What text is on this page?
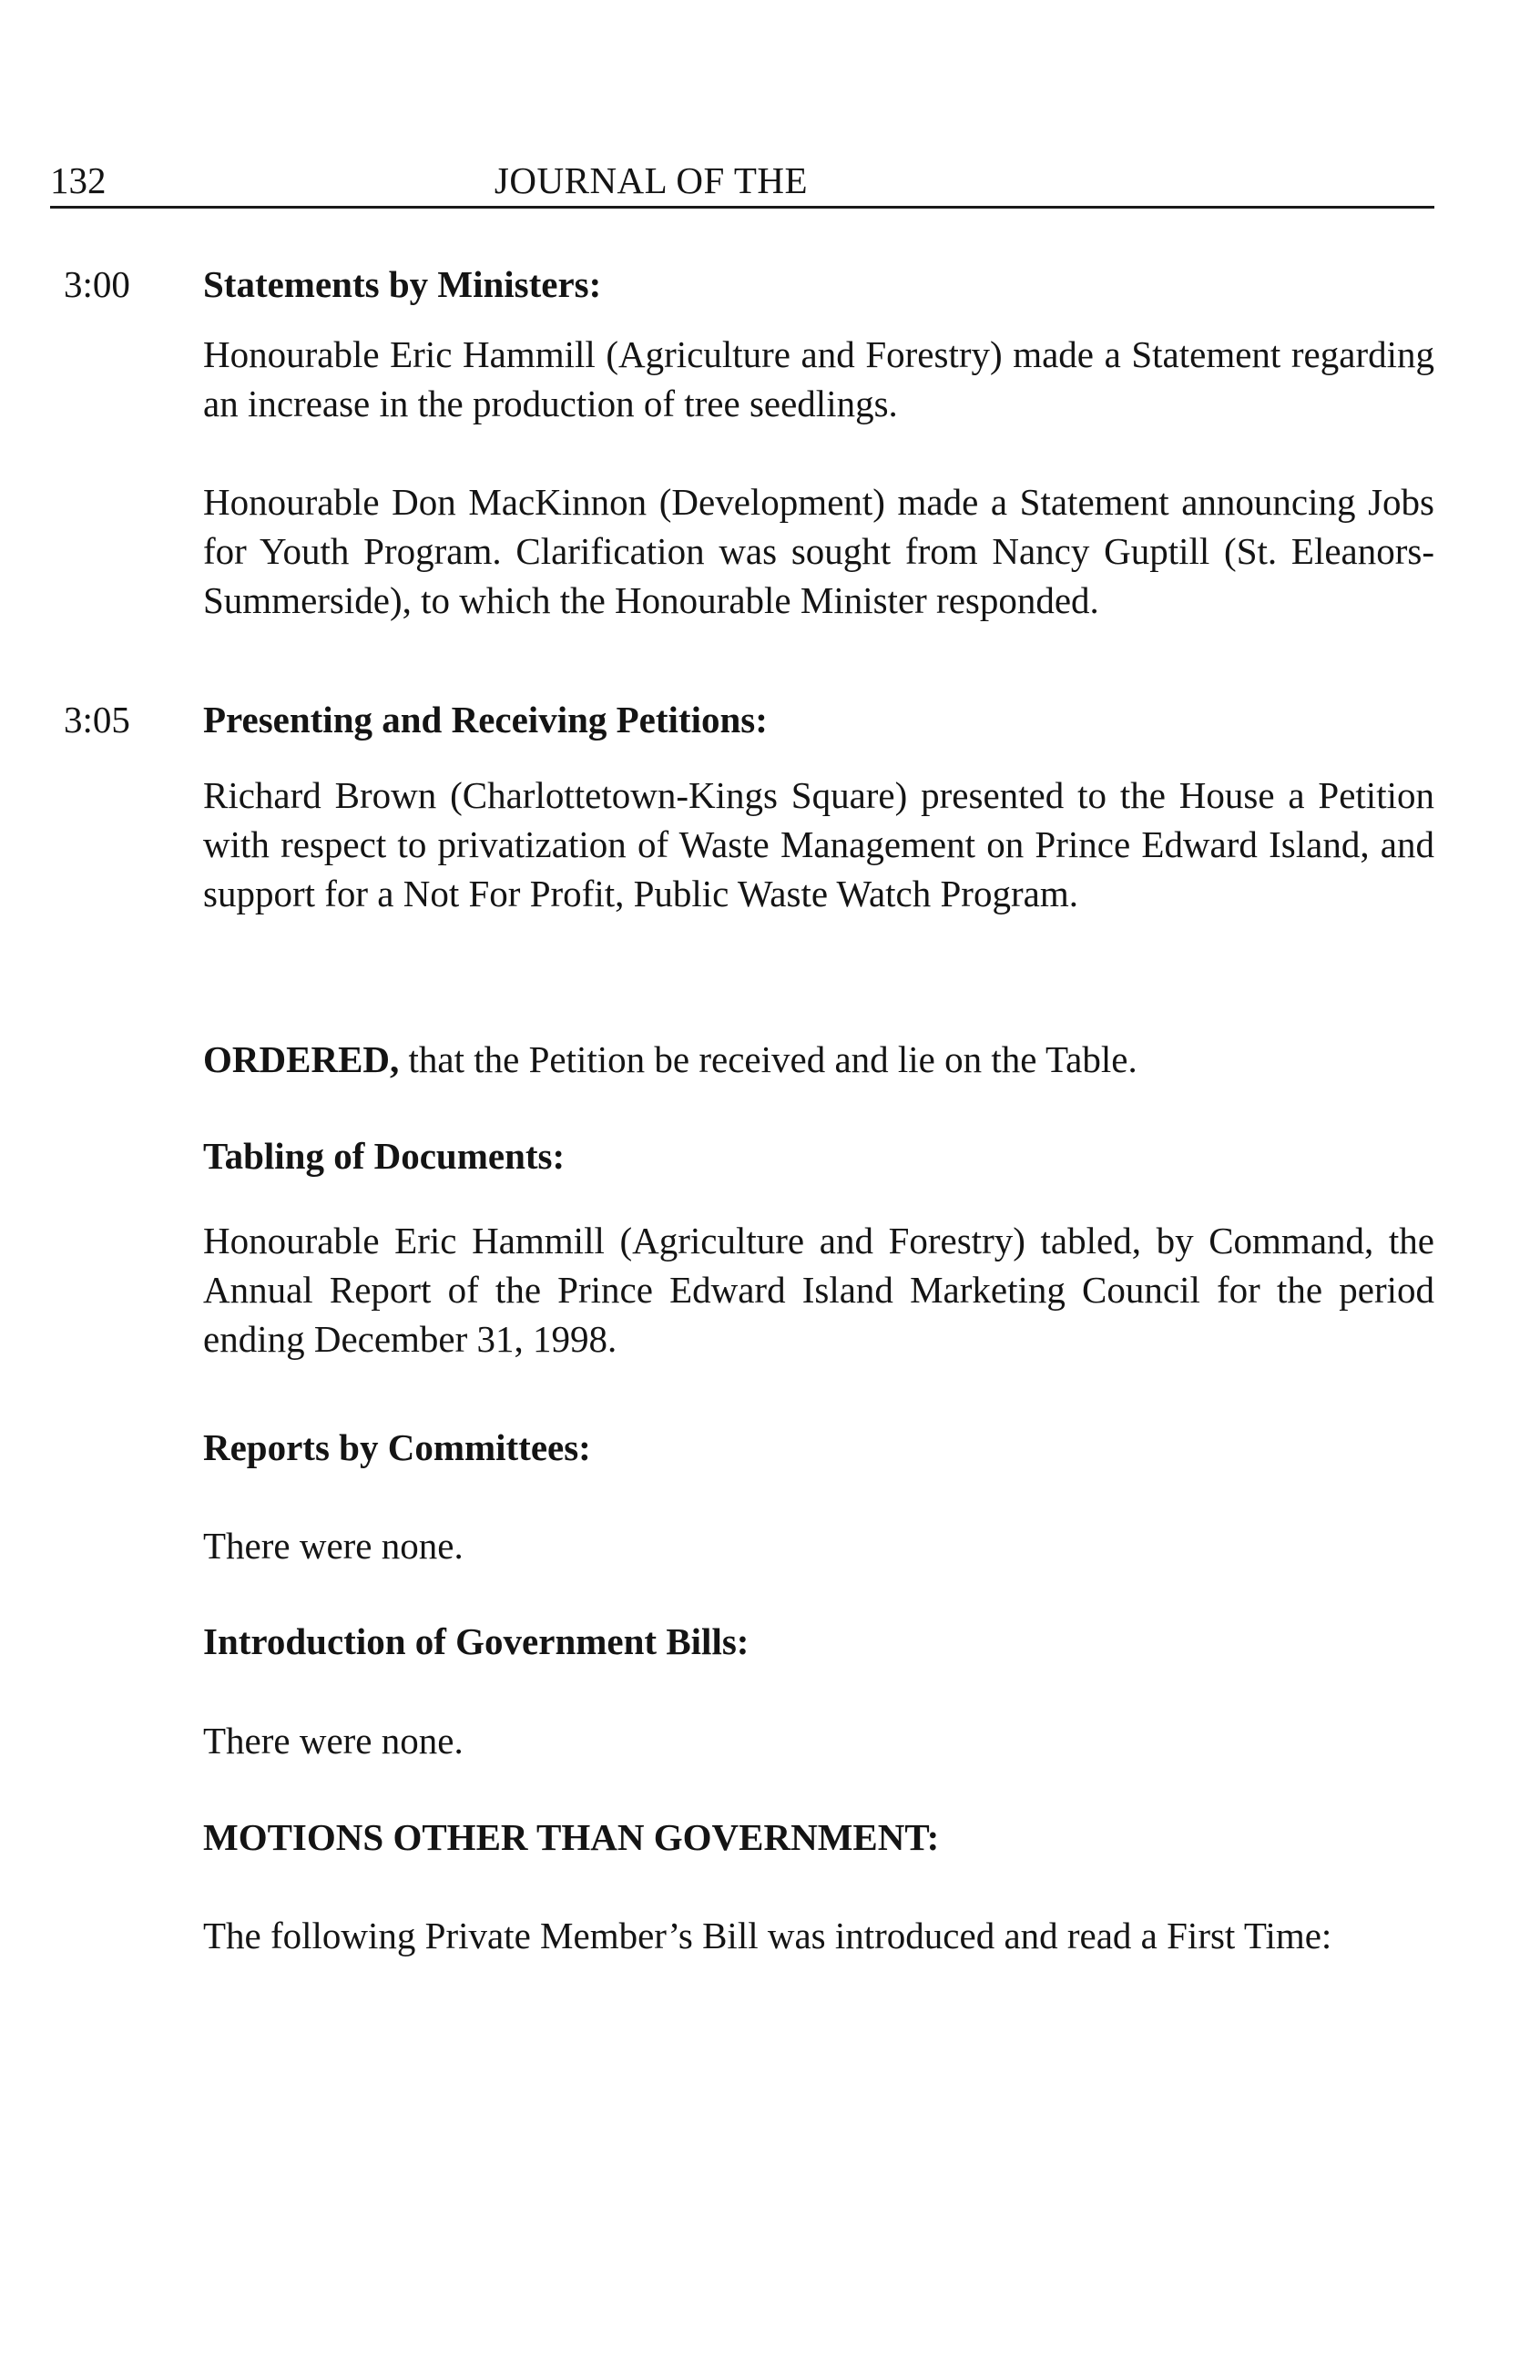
132	JOURNAL OF THE
3:00 Statements by Ministers:

Honourable Eric Hammill (Agriculture and Forestry) made a Statement regarding an increase in the production of tree seedlings.

Honourable Don MacKinnon (Development) made a Statement announcing Jobs for Youth Program. Clarification was sought from Nancy Guptill (St. Eleanors-Summerside), to which the Honourable Minister responded.

3:05 Presenting and Receiving Petitions:

Richard Brown (Charlottetown-Kings Square) presented to the House a Petition with respect to privatization of Waste Management on Prince Edward Island, and support for a Not For Profit, Public Waste Watch Program.

ORDERED, that the Petition be received and lie on the Table.

Tabling of Documents:

Honourable Eric Hammill (Agriculture and Forestry) tabled, by Command, the Annual Report of the Prince Edward Island Marketing Council for the period ending December 31, 1998.

Reports by Committees:

There were none.

Introduction of Government Bills:

There were none.

MOTIONS OTHER THAN GOVERNMENT:

The following Private Member’s Bill was introduced and read a First Time:
